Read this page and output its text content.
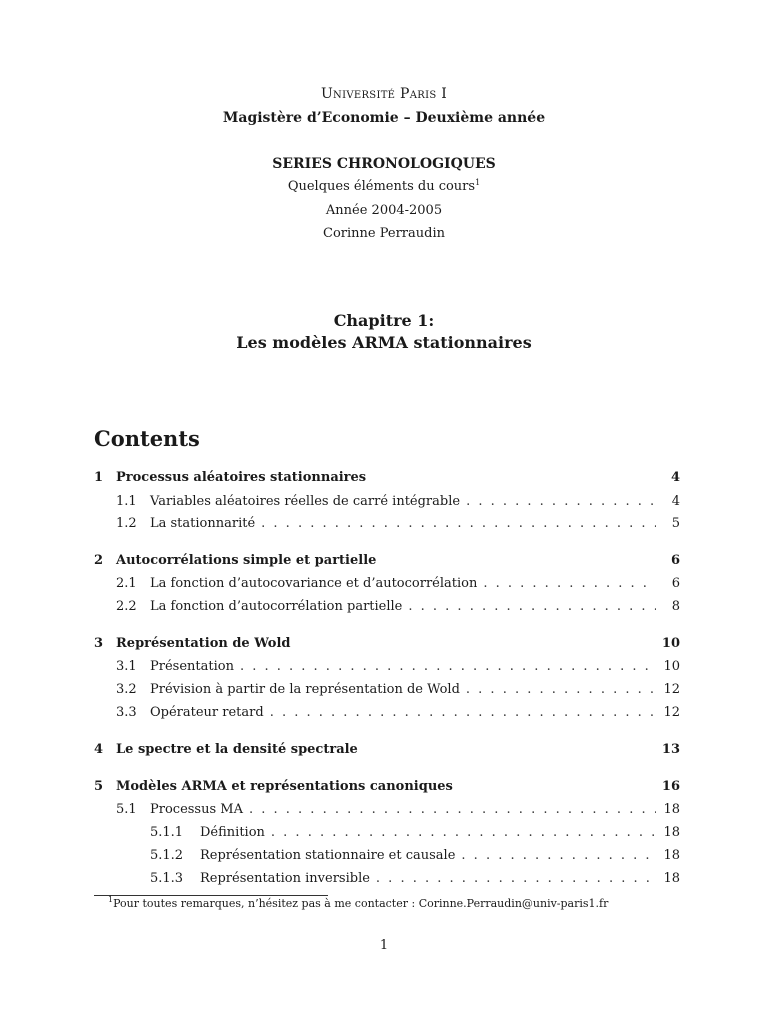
Université Paris I
Magistère d’Economie – Deuxième année
SERIES CHRONOLOGIQUES
Quelques éléments du cours$^1$
Année 2004-2005
Corinne Perraudin
Chapitre 1:
Les modèles ARMA stationnaires
Contents
1 Processus aléatoires stationnaires	4
1.1	Variables aléatoires réelles de carré intégrable . . .	4
1.2	La stationnarité . . .	5
2 Autocorrélations simple et partielle	6
2.1	La fonction d’autocovariance et d’autocorrélation . . .	6
2.2	La fonction d’autocorrélation partielle . . .	8
3 Représentation de Wold	10
3.1	Présentation . . .	10
3.2	Prévision à partir de la représentation de Wold . . .	12
3.3	Opérateur retard . . .	12
4 Le spectre et la densité spectrale	13
5 Modèles ARMA et représentations canoniques	16
5.1	Processus MA . . .	18
5.1.1	Définition . . .	18
5.1.2	Représentation stationnaire et causale . . .	18
5.1.3	Représentation inversible . . .	18
$^1$Pour toutes remarques, n’hésitez pas à me contacter : Corinne.Perraudin@univ-paris1.fr
1
